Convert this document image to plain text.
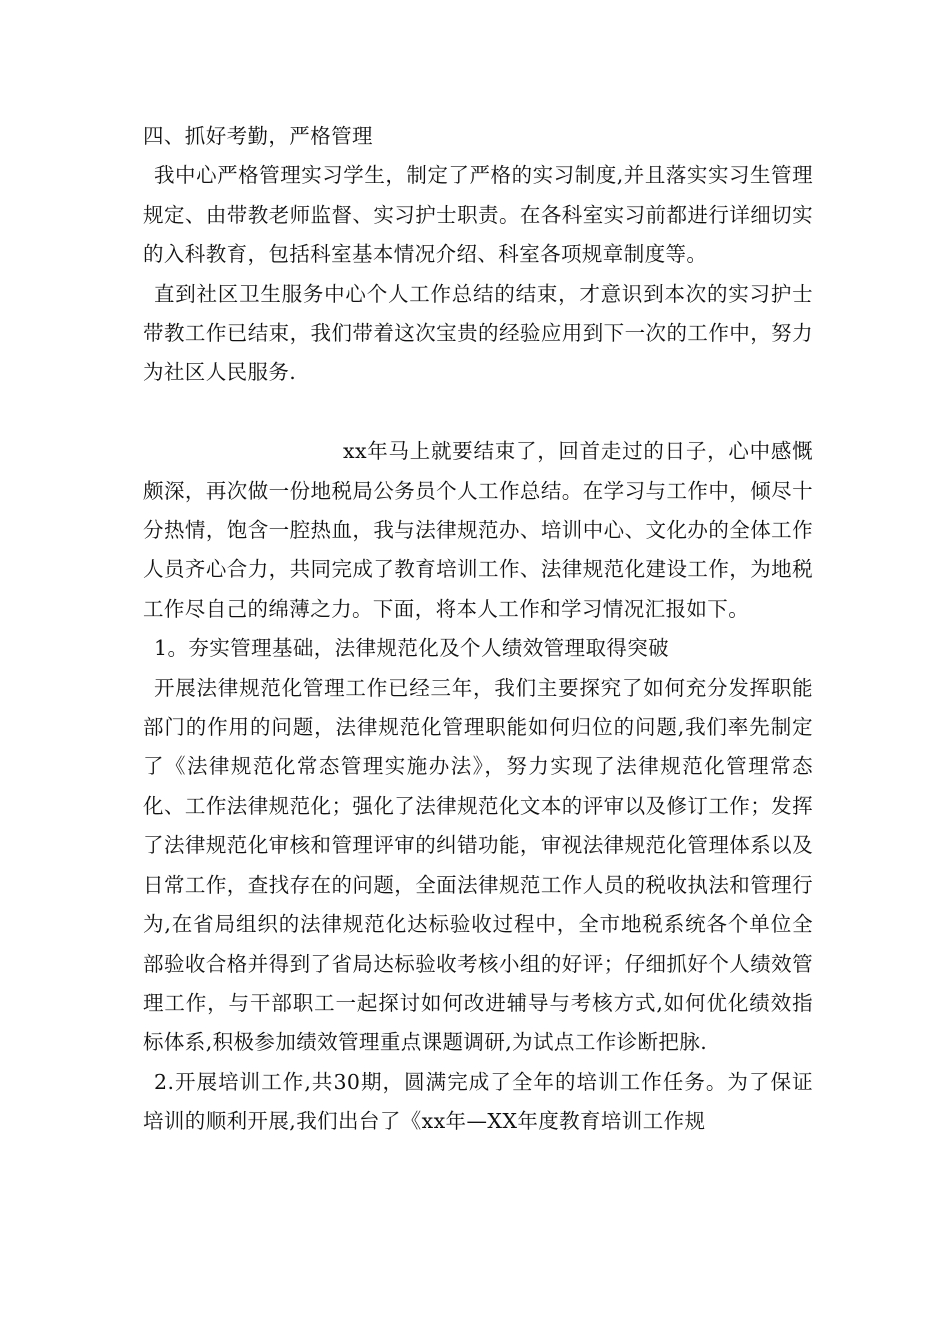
四、抓好考勤，严格管理

我中心严格管理实习学生，制定了严格的实习制度,并且落实实习生管理规定、由带教老师监督、实习护士职责。在各科室实习前都进行详细切实的入科教育，包括科室基本情况介绍、科室各项规章制度等。

直到社区卫生服务中心个人工作总结的结束，才意识到本次的实习护士带教工作已结束，我们带着这次宝贵的经验应用到下一次的工作中，努力为社区人民服务.

xx年马上就要结束了，回首走过的日子，心中感慨颇深，再次做一份地税局公务员个人工作总结。在学习与工作中，倾尽十分热情，饱含一腔热血，我与法律规范办、培训中心、文化办的全体工作人员齐心合力，共同完成了教育培训工作、法律规范化建设工作，为地税工作尽自己的绵薄之力。下面，将本人工作和学习情况汇报如下。

1。夯实管理基础，法律规范化及个人绩效管理取得突破

开展法律规范化管理工作已经三年，我们主要探究了如何充分发挥职能部门的作用的问题，法律规范化管理职能如何归位的问题,我们率先制定了《法律规范化常态管理实施办法》，努力实现了法律规范化管理常态化、工作法律规范化；强化了法律规范化文本的评审以及修订工作；发挥了法律规范化审核和管理评审的纠错功能，审视法律规范化管理体系以及日常工作，查找存在的问题，全面法律规范工作人员的税收执法和管理行为,在省局组织的法律规范化达标验收过程中，全市地税系统各个单位全部验收合格并得到了省局达标验收考核小组的好评；仔细抓好个人绩效管理工作，与干部职工一起探讨如何改进辅导与考核方式,如何优化绩效指标体系,积极参加绩效管理重点课题调研,为试点工作诊断把脉.

2.开展培训工作,共30期，圆满完成了全年的培训工作任务。为了保证培训的顺利开展,我们出台了《xx年—XX年度教育培训工作规
